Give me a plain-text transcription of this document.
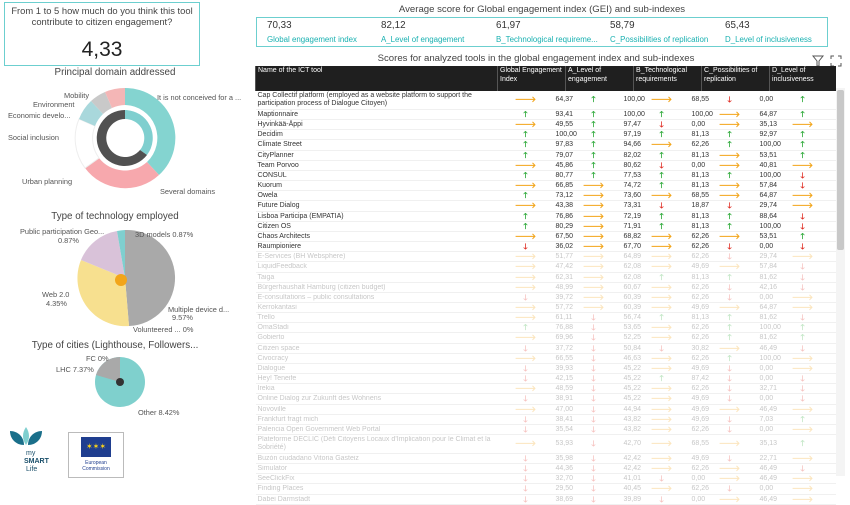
From 1 to 5 how much do you think this tool contribute to citizen engagement?
4,33
Principal domain addressed
Mobility
Environment
Economic develo...
Social inclusion
Urban planning
It is not conceived for a ...
Several domains
Type of technology employed
Public participation Geo...
0.87%
3D models 0.87%
Web 2.0
4.35%
Multiple device d...
9.57%
Volunteered ... 0%
Type of cities (Lighthouse, Followers...
FC 0%
LHC 7.37%
Other 8.42%
my
SMART
Life
✶✶✶
European
Commission
Average score for Global engagement index (GEI) and sub-indexes
70,33
Global engagement index
82,12
A_Level of engagement
61,97
B_Technological requireme...
58,79
C_Possibilities of replication
65,43
D_Level of inclusiveness
Scores for analyzed tools in the global engagement index and sub-indexes
Name of the ICT tool	Global Engagement Index		A_Level of engagement		B_Technological requirements		C_Possibilities of replication		D_Level of inclusiveness	
Cap Collectif platform (employed as a website platform to support the participation process of Dialogue Citoyen)	🡒	64,37	🡑	100,00	🡒	68,55	🡓	0,00	🡑	
Maptionnaire	🡑	93,41	🡑	100,00	🡑	100,00	🡒	64,87	🡑	
Hyvinkää-Äppi	🡒	49,55	🡑	97,47	🡓	0,00	🡒	35,13	🡒	
Decidim	🡑	100,00	🡑	97,19	🡑	81,13	🡑	92,97	🡑	
Climate Street	🡑	97,83	🡑	94,66	🡒	62,26	🡑	100,00	🡑	
CityPlanner	🡑	79,07	🡑	82,02	🡑	81,13	🡒	53,51	🡑	
Team Porvoo	🡒	45,86	🡑	80,62	🡓	0,00	🡒	40,81	🡒	
CONSUL	🡑	80,77	🡑	77,53	🡑	81,13	🡑	100,00	🡓	
Kuorum	🡒	66,85	🡒	74,72	🡑	81,13	🡒	57,84	🡓	
Owela	🡑	73,12	🡒	73,60	🡒	68,55	🡒	64,87	🡒	
Future Dialog	🡒	43,38	🡒	73,31	🡓	18,87	🡓	29,74	🡒	
Lisboa Participa (EMPATIA)	🡑	76,86	🡒	72,19	🡑	81,13	🡑	88,64	🡓	
Citizen OS	🡑	80,29	🡒	71,91	🡑	81,13	🡑	100,00	🡓	
Chaos Architects	🡒	67,50	🡒	68,82	🡒	62,26	🡒	53,51	🡑	
Raumpioniere	🡓	36,02	🡒	67,70	🡒	62,26	🡓	0,00	🡓	
E-Services (BH Websphere)	🡒	51,77	🡒	64,89	🡒	62,26	🡓	29,74	🡒	
LiquidFeedback	🡒	47,42	🡒	62,08	🡒	49,69	🡒	57,84	🡓	
Taiga	🡒	62,31	🡒	62,08	🡑	81,13	🡑	81,62	🡓	
Bürgerhaushalt Hamburg (citizen budget)	🡒	48,99	🡒	60,67	🡒	62,26	🡓	42,16	🡓	
E-consultations – public consultations	🡓	39,72	🡒	60,39	🡒	62,26	🡓	0,00	🡒	
Kerrokantasi	🡒	57,72	🡒	60,39	🡒	49,69	🡒	64,87	🡒	
Trello	🡒	61,11	🡓	56,74	🡑	81,13	🡑	81,62	🡓	
OmaStadi	🡑	76,88	🡓	53,65	🡒	62,26	🡑	100,00	🡑	
Gobierto	🡒	69,96	🡓	52,25	🡒	62,26	🡑	81,62	🡑	
Citizen space	🡓	37,72	🡓	50,84	🡓	30,82	🡒	46,49	🡓	
Civocracy	🡒	66,55	🡓	46,63	🡒	62,26	🡑	100,00	🡒	
Dialogue	🡓	39,93	🡓	45,22	🡒	49,69	🡓	0,00	🡒	
Hey! Teneife	🡓	42,15	🡓	45,22	🡑	87,42	🡓	0,00	🡓	
Irekia	🡒	48,59	🡓	45,22	🡒	62,26	🡓	32,71	🡓	
Online Dialog zur Zukunft des Wohnens	🡓	38,91	🡓	45,22	🡒	49,69	🡓	0,00	🡓	
Novoville	🡒	47,00	🡓	44,94	🡒	49,69	🡒	46,49	🡒	
Frankfurt fragt mich	🡓	38,41	🡓	43,82	🡒	49,69	🡓	7,03	🡑	
Palencia Open Government Web Portal	🡓	35,54	🡓	43,82	🡒	62,26	🡓	0,00	🡒	
Plateforme DECLIC (Défi Citoyens Locaux d’Implication pour le Climat et la Sobriété)	🡒	53,93	🡓	42,70	🡒	68,55	🡒	35,13	🡑	
Buzón ciudadano Vitoria Gasteiz	🡓	35,98	🡓	42,42	🡒	49,69	🡓	22,71	🡒	
Simulator	🡓	44,36	🡓	42,42	🡒	62,26	🡒	46,49	🡓	
SeeClickFix	🡓	32,70	🡓	41,01	🡓	0,00	🡒	46,49	🡒	
Finding Places	🡓	29,50	🡓	40,45	🡒	62,26	🡓	0,00	🡒	
Dabei Darmstadt	🡓	38,69	🡓	39,89	🡓	0,00	🡒	46,49	🡒	
